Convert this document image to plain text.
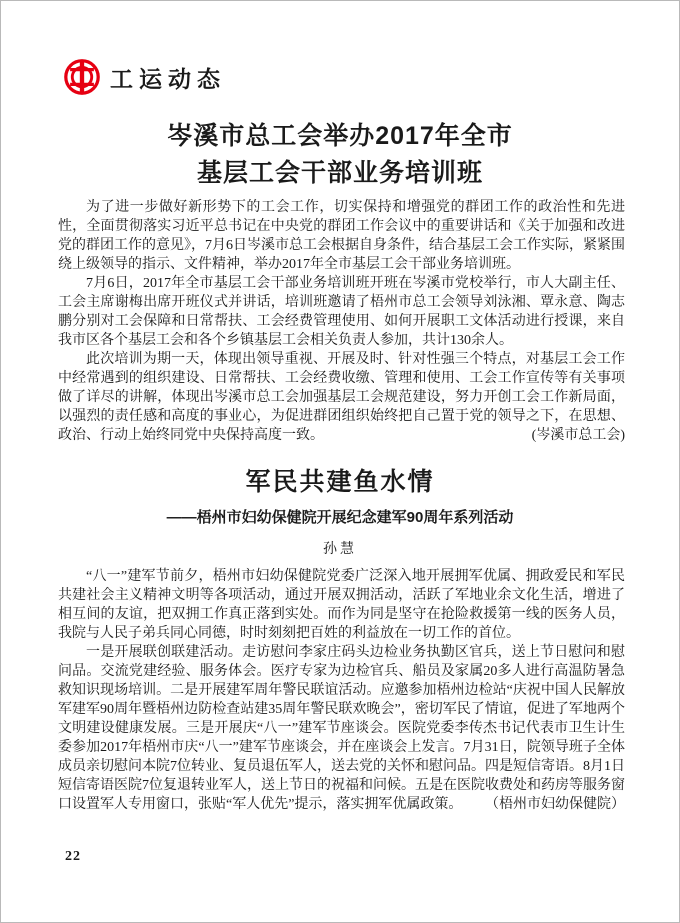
工运动态
岑溪市总工会举办2017年全市
基层工会干部业务培训班

为了进一步做好新形势下的工会工作，切实保持和增强党的群团工作的政治性和先进性，全面贯彻落实习近平总书记在中央党的群团工作会议中的重要讲话和《关于加强和改进党的群团工作的意见》，7月6日岑溪市总工会根据自身条件，结合基层工会工作实际，紧紧围绕上级领导的指示、文件精神，举办2017年全市基层工会干部业务培训班。

7月6日，2017年全市基层工会干部业务培训班开班在岑溪市党校举行，市人大副主任、工会主席谢梅出席开班仪式并讲话，培训班邀请了梧州市总工会领导刘泳湘、覃永意、陶志鹏分别对工会保障和日常帮扶、工会经费管理使用、如何开展职工文体活动进行授课，来自我市区各个基层工会和各个乡镇基层工会相关负责人参加，共计130余人。

此次培训为期一天，体现出领导重视、开展及时、针对性强三个特点，对基层工会工作中经常遇到的组织建设、日常帮扶、工会经费收缴、管理和使用、工会工作宣传等有关事项做了详尽的讲解，体现出岑溪市总工会加强基层工会规范建设，努力开创工会工作新局面，以强烈的责任感和高度的事业心，为促进群团组织始终把自己置于党的领导之下，在思想、政治、行动上始终同党中央保持高度一致。	(岑溪市总工会)
军民共建鱼水情
——梧州市妇幼保健院开展纪念建军90周年系列活动
孙慧

“八一”建军节前夕，梧州市妇幼保健院党委广泛深入地开展拥军优属、拥政爱民和军民共建社会主义精神文明等各项活动，通过开展双拥活动，活跃了军地业余文化生活，增进了相互间的友谊，把双拥工作真正落到实处。而作为同是坚守在抢险救援第一线的医务人员，我院与人民子弟兵同心同德，时时刻刻把百姓的利益放在一切工作的首位。

一是开展联创联建活动。走访慰问李家庄码头边检业务执勤区官兵，送上节日慰问和慰问品。交流党建经验、服务体会。医疗专家为边检官兵、船员及家属20多人进行高温防暑急救知识现场培训。二是开展建军周年警民联谊活动。应邀参加梧州边检站“庆祝中国人民解放军建军90周年暨梧州边防检查站建35周年警民联欢晚会”，密切军民了情谊，促进了军地两个文明建设健康发展。三是开展庆“八一”建军节座谈会。医院党委李传杰书记代表市卫生计生委参加2017年梧州市庆“八一”建军节座谈会，并在座谈会上发言。7月31日，院领导班子全体成员亲切慰问本院7位转业、复员退伍军人，送去党的关怀和慰问品。四是短信寄语。8月1日短信寄语医院7位复退转业军人，送上节日的祝福和问候。五是在医院收费处和药房等服务窗口设置军人专用窗口，张贴“军人优先”提示，落实拥军优属政策。	（梧州市妇幼保健院）
22
